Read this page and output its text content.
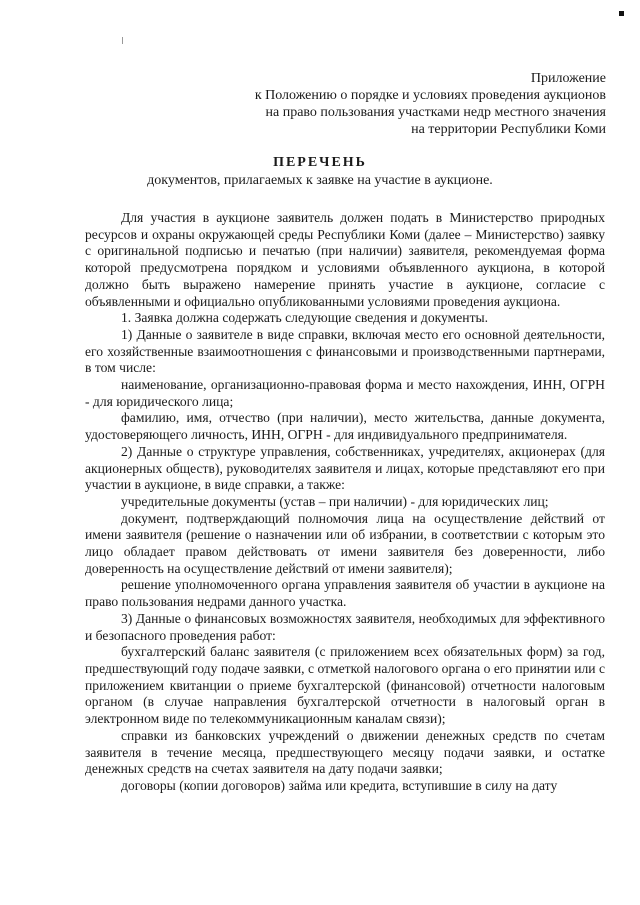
Приложение
к Положению о порядке и условиях проведения аукционов
на право пользования участками недр местного значения
на территории Республики Коми
ПЕРЕЧЕНЬ
документов, прилагаемых к заявке на участие в аукционе.

Для участия в аукционе заявитель должен подать в Министерство природных ресурсов и охраны окружающей среды Республики Коми (далее – Министерство) заявку с оригинальной подписью и печатью (при наличии) заявителя, рекомендуемая форма которой предусмотрена порядком и условиями объявленного аукциона, в которой должно быть выражено намерение принять участие в аукционе, согласие с объявленными и официально опубликованными условиями проведения аукциона.

1. Заявка должна содержать следующие сведения и документы.

1) Данные о заявителе в виде справки, включая место его основной деятельности, его хозяйственные взаимоотношения с финансовыми и производственными партнерами, в том числе:

наименование, организационно-правовая форма и место нахождения, ИНН, ОГРН - для юридического лица;

фамилию, имя, отчество (при наличии), место жительства, данные документа, удостоверяющего личность, ИНН, ОГРН - для индивидуального предпринимателя.

2) Данные о структуре управления, собственниках, учредителях, акционерах (для акционерных обществ), руководителях заявителя и лицах, которые представляют его при участии в аукционе, в виде справки, а также:

учредительные документы (устав – при наличии) - для юридических лиц;

документ, подтверждающий полномочия лица на осуществление действий от имени заявителя (решение о назначении или об избрании, в соответствии с которым это лицо обладает правом действовать от имени заявителя без доверенности, либо доверенность на осуществление действий от имени заявителя);

решение уполномоченного органа управления заявителя об участии в аукционе на право пользования недрами данного участка.

3) Данные о финансовых возможностях заявителя, необходимых для эффективного и безопасного проведения работ:

бухгалтерский баланс заявителя (с приложением всех обязательных форм) за год, предшествующий году подаче заявки, с отметкой налогового органа о его принятии или с приложением квитанции о приеме бухгалтерской (финансовой) отчетности налоговым органом (в случае направления бухгалтерской отчетности в налоговый орган в электронном виде по телекоммуникационным каналам связи);

справки из банковских учреждений о движении денежных средств по счетам заявителя в течение месяца, предшествующего месяцу подачи заявки, и остатке денежных средств на счетах заявителя на дату подачи заявки;

договоры (копии договоров) займа или кредита, вступившие в силу на дату
